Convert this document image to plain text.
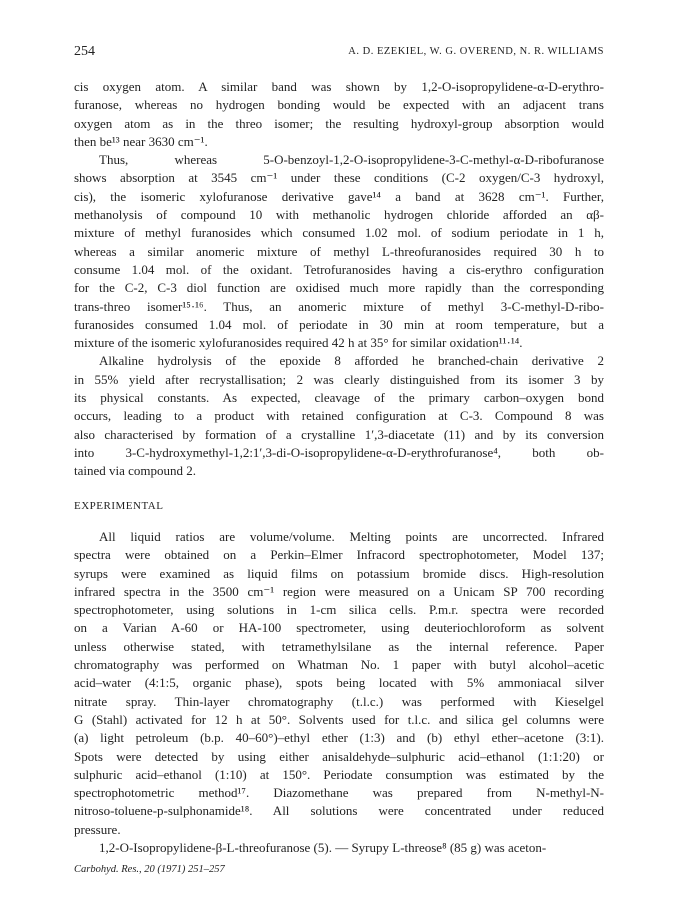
254	A. D. EZEKIEL, W. G. OVEREND, N. R. WILLIAMS
cis oxygen atom. A similar band was shown by 1,2-O-isopropylidene-α-D-erythro-
furanose, whereas no hydrogen bonding would be expected with an adjacent trans
oxygen atom as in the threo isomer; the resulting hydroxyl-group absorption would
then be¹³ near 3630 cm⁻¹.
Thus, whereas 5-O-benzoyl-1,2-O-isopropylidene-3-C-methyl-α-D-ribofuranose
shows absorption at 3545 cm⁻¹ under these conditions (C-2 oxygen/C-3 hydroxyl,
cis), the isomeric xylofuranose derivative gave¹⁴ a band at 3628 cm⁻¹. Further,
methanolysis of compound 10 with methanolic hydrogen chloride afforded an αβ-
mixture of methyl furanosides which consumed 1.02 mol. of sodium periodate in 1 h,
whereas a similar anomeric mixture of methyl L-threofuranosides required 30 h to
consume 1.04 mol. of the oxidant. Tetrofuranosides having a cis-erythro configuration
for the C-2, C-3 diol function are oxidised much more rapidly than the corresponding
trans-threo isomer¹⁵·¹⁶. Thus, an anomeric mixture of methyl 3-C-methyl-D-ribo-
furanosides consumed 1.04 mol. of periodate in 30 min at room temperature, but a
mixture of the isomeric xylofuranosides required 42 h at 35° for similar oxidation¹¹·¹⁴.
Alkaline hydrolysis of the epoxide 8 afforded he branched-chain derivative 2
in 55% yield after recrystallisation; 2 was clearly distinguished from its isomer 3 by
its physical constants. As expected, cleavage of the primary carbon–oxygen bond
occurs, leading to a product with retained configuration at C-3. Compound 8 was
also characterised by formation of a crystalline 1′,3-diacetate (11) and by its conversion
into 3-C-hydroxymethyl-1,2:1′,3-di-O-isopropylidene-α-D-erythrofuranose⁴, both ob-
tained via compound 2.
EXPERIMENTAL
All liquid ratios are volume/volume. Melting points are uncorrected. Infrared
spectra were obtained on a Perkin–Elmer Infracord spectrophotometer, Model 137;
syrups were examined as liquid films on potassium bromide discs. High-resolution
infrared spectra in the 3500 cm⁻¹ region were measured on a Unicam SP 700 recording
spectrophotometer, using solutions in 1-cm silica cells. P.m.r. spectra were recorded
on a Varian A-60 or HA-100 spectrometer, using deuteriochloroform as solvent
unless otherwise stated, with tetramethylsilane as the internal reference. Paper
chromatography was performed on Whatman No. 1 paper with butyl alcohol–acetic
acid–water (4:1:5, organic phase), spots being located with 5% ammoniacal silver
nitrate spray. Thin-layer chromatography (t.l.c.) was performed with Kieselgel
G (Stahl) activated for 12 h at 50°. Solvents used for t.l.c. and silica gel columns were
(a) light petroleum (b.p. 40–60°)–ethyl ether (1:3) and (b) ethyl ether–acetone (3:1).
Spots were detected by using either anisaldehyde–sulphuric acid–ethanol (1:1:20) or
sulphuric acid–ethanol (1:10) at 150°. Periodate consumption was estimated by the
spectrophotometric method¹⁷. Diazomethane was prepared from N-methyl-N-
nitroso-toluene-p-sulphonamide¹⁸. All solutions were concentrated under reduced
pressure.
1,2-O-Isopropylidene-β-L-threofuranose (5). — Syrupy L-threose⁸ (85 g) was aceton-
Carbohyd. Res., 20 (1971) 251–257
